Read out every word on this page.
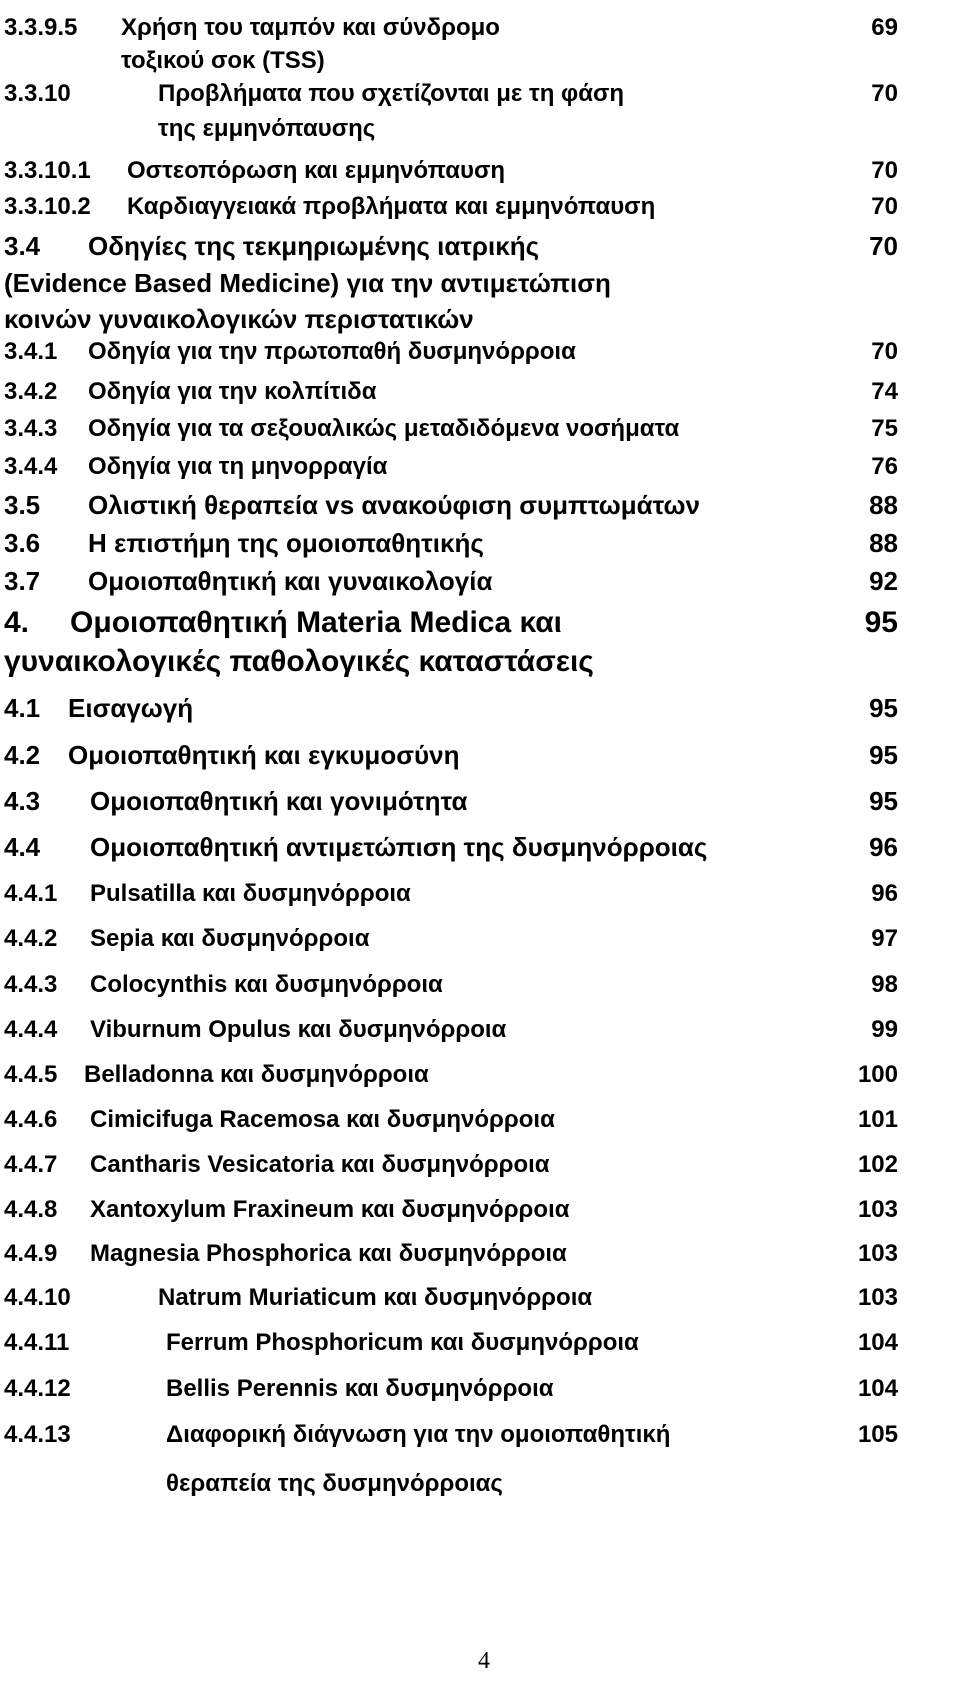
3.3.9.5 Χρήση του ταμπόν και σύνδρομο	69
τοξικού σοκ (TSS)
3.3.10	Προβλήματα που σχετίζονται με τη φάση	70
της εμμηνόπαυσης
3.3.10.1 Οστεοπόρωση και εμμηνόπαυση	70
3.3.10.2 Καρδιαγγειακά προβλήματα και εμμηνόπαυση	70
3.4 Οδηγίες της τεκμηριωμένης ιατρικής	70
(Evidence Based Medicine) για την αντιμετώπιση
κοινών γυναικολογικών περιστατικών
3.4.1 Οδηγία για την πρωτοπαθή δυσμηνόρροια	70
3.4.2 Οδηγία για την κολπίτιδα	74
3.4.3 Οδηγία για τα σεξουαλικώς μεταδιδόμενα νοσήματα	75
3.4.4 Οδηγία για τη μηνορραγία	76
3.5 Ολιστική θεραπεία vs ανακούφιση συμπτωμάτων	88
3.6 Η επιστήμη της ομοιοπαθητικής	88
3.7 Ομοιοπαθητική και γυναικολογία	92
4. Ομοιοπαθητική Materia Medica και	95
γυναικολογικές παθολογικές καταστάσεις
4.1 Εισαγωγή	95
4.2 Ομοιοπαθητική και εγκυμοσύνη	95
4.3 Ομοιοπαθητική και γονιμότητα	95
4.4 Ομοιοπαθητική αντιμετώπιση της δυσμηνόρροιας	96
4.4.1 Pulsatilla και δυσμηνόρροια	96
4.4.2 Sepia και δυσμηνόρροια	97
4.4.3 Colocynthis και δυσμηνόρροια	98
4.4.4 Viburnum Opulus και δυσμηνόρροια	99
4.4.5 Belladonna και δυσμηνόρροια	100
4.4.6 Cimicifuga Racemosa και δυσμηνόρροια	101
4.4.7 Cantharis Vesicatoria και δυσμηνόρροια	102
4.4.8 Xantoxylum Fraxineum και δυσμηνόρροια	103
4.4.9 Magnesia Phosphorica και δυσμηνόρροια	103
4.4.10	Natrum Muriaticum και δυσμηνόρροια	103
4.4.11	Ferrum Phosphoricum και δυσμηνόρροια	104
4.4.12	Bellis Perennis και δυσμηνόρροια	104
4.4.13	Διαφορική διάγνωση για την ομοιοπαθητική	105
θεραπεία της δυσμηνόρροιας
4
